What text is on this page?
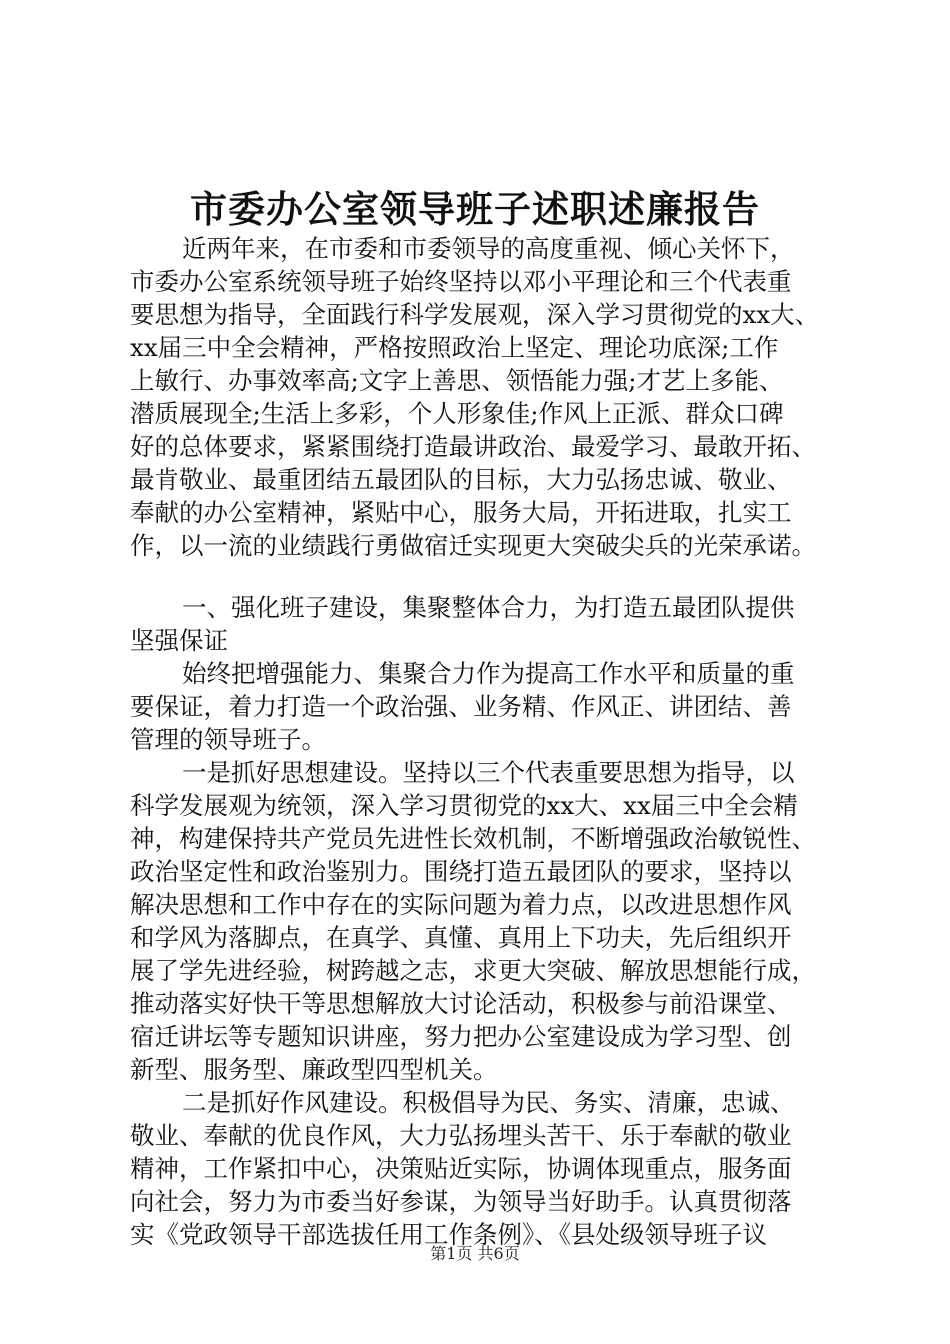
市委办公室领导班子述职述廉报告

近两年来，在市委和市委领导的高度重视、倾心关怀下，

市委办公室系统领导班子始终坚持以邓小平理论和三个代表重

要思想为指导，全面践行科学发展观，深入学习贯彻党的xx大、

xx届三中全会精神，严格按照政治上坚定、理论功底深;工作

上敏行、办事效率高;文字上善思、领悟能力强;才艺上多能、

潜质展现全;生活上多彩，个人形象佳;作风上正派、群众口碑

好的总体要求，紧紧围绕打造最讲政治、最爱学习、最敢开拓、

最肯敬业、最重团结五最团队的目标，大力弘扬忠诚、敬业、

奉献的办公室精神，紧贴中心，服务大局，开拓进取，扎实工

作，以一流的业绩践行勇做宿迁实现更大突破尖兵的光荣承诺。

一、强化班子建设，集聚整体合力，为打造五最团队提供

坚强保证

始终把增强能力、集聚合力作为提高工作水平和质量的重

要保证，着力打造一个政治强、业务精、作风正、讲团结、善

管理的领导班子。

一是抓好思想建设。坚持以三个代表重要思想为指导，以

科学发展观为统领，深入学习贯彻党的xx大、xx届三中全会精

神，构建保持共产党员先进性长效机制，不断增强政治敏锐性、

政治坚定性和政治鉴别力。围绕打造五最团队的要求，坚持以

解决思想和工作中存在的实际问题为着力点，以改进思想作风

和学风为落脚点，在真学、真懂、真用上下功夫，先后组织开

展了学先进经验，树跨越之志，求更大突破、解放思想能行成，

推动落实好快干等思想解放大讨论活动，积极参与前沿课堂、

宿迁讲坛等专题知识讲座，努力把办公室建设成为学习型、创

新型、服务型、廉政型四型机关。

二是抓好作风建设。积极倡导为民、务实、清廉，忠诚、

敬业、奉献的优良作风，大力弘扬埋头苦干、乐于奉献的敬业

精神，工作紧扣中心，决策贴近实际，协调体现重点，服务面

向社会，努力为市委当好参谋，为领导当好助手。认真贯彻落

实《党政领导干部选拔任用工作条例》、《县处级领导班子议

第1页 共6页
